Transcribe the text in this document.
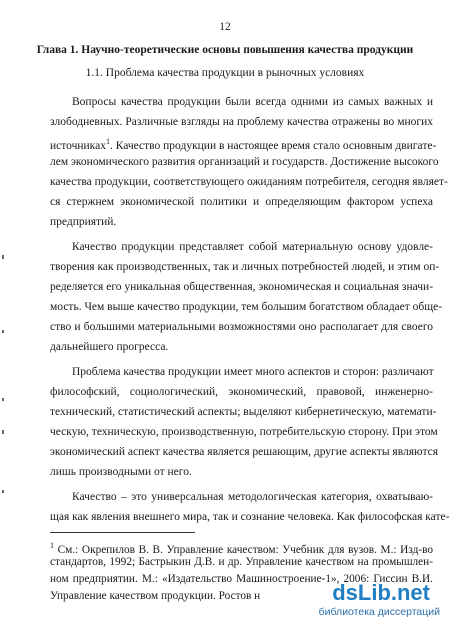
12
Глава 1. Научно-теоретические основы повышения качества продукции
1.1. Проблема качества продукции в рыночных условиях
Вопросы качества продукции были всегда одними из самых важных и
злободневных. Различные взгляды на проблему качества отражены во многих
источниках$^1$. Качество продукции в настоящее время стало основным двигате-
лем экономического развития организаций и государств. Достижение высокого
качества продукции, соответствующего ожиданиям потребителя, сегодня являет-
ся стержнем экономической политики и определяющим фактором успеха
предприятий.
Качество продукции представляет собой материальную основу удовле-
творения как производственных, так и личных потребностей людей, и этим оп-
ределяется его уникальная общественная, экономическая и социальная значи-
мость. Чем выше качество продукции, тем большим богатством обладает обще-
ство и большими материальными возможностями оно располагает для своего
дальнейшего прогресса.
Проблема качества продукции имеет много аспектов и сторон: различают
философский, социологический, экономический, правовой, инженерно-
технический, статистический аспекты; выделяют кибернетическую, математи-
ческую, техническую, производственную, потребительскую сторону. При этом
экономический аспект качества является решающим, другие аспекты являются
лишь производными от него.
Качество – это универсальная методологическая категория, охватываю-
щая как явления внешнего мира, так и сознание человека. Как философская кате-
$^1$ См.: Окрепилов В. В. Управление качеством: Учебник для вузов. М.: Изд-во
стандартов, 1992; Бастрыкин Д.В. и др. Управление качеством на промышлен-
ном предприятии. М.: «Издательство Машиностроение-1», 2006: Гиссин В.И.
Управление качеством продукции. Ростов н	dsLib.net
библиотека диссертаций
